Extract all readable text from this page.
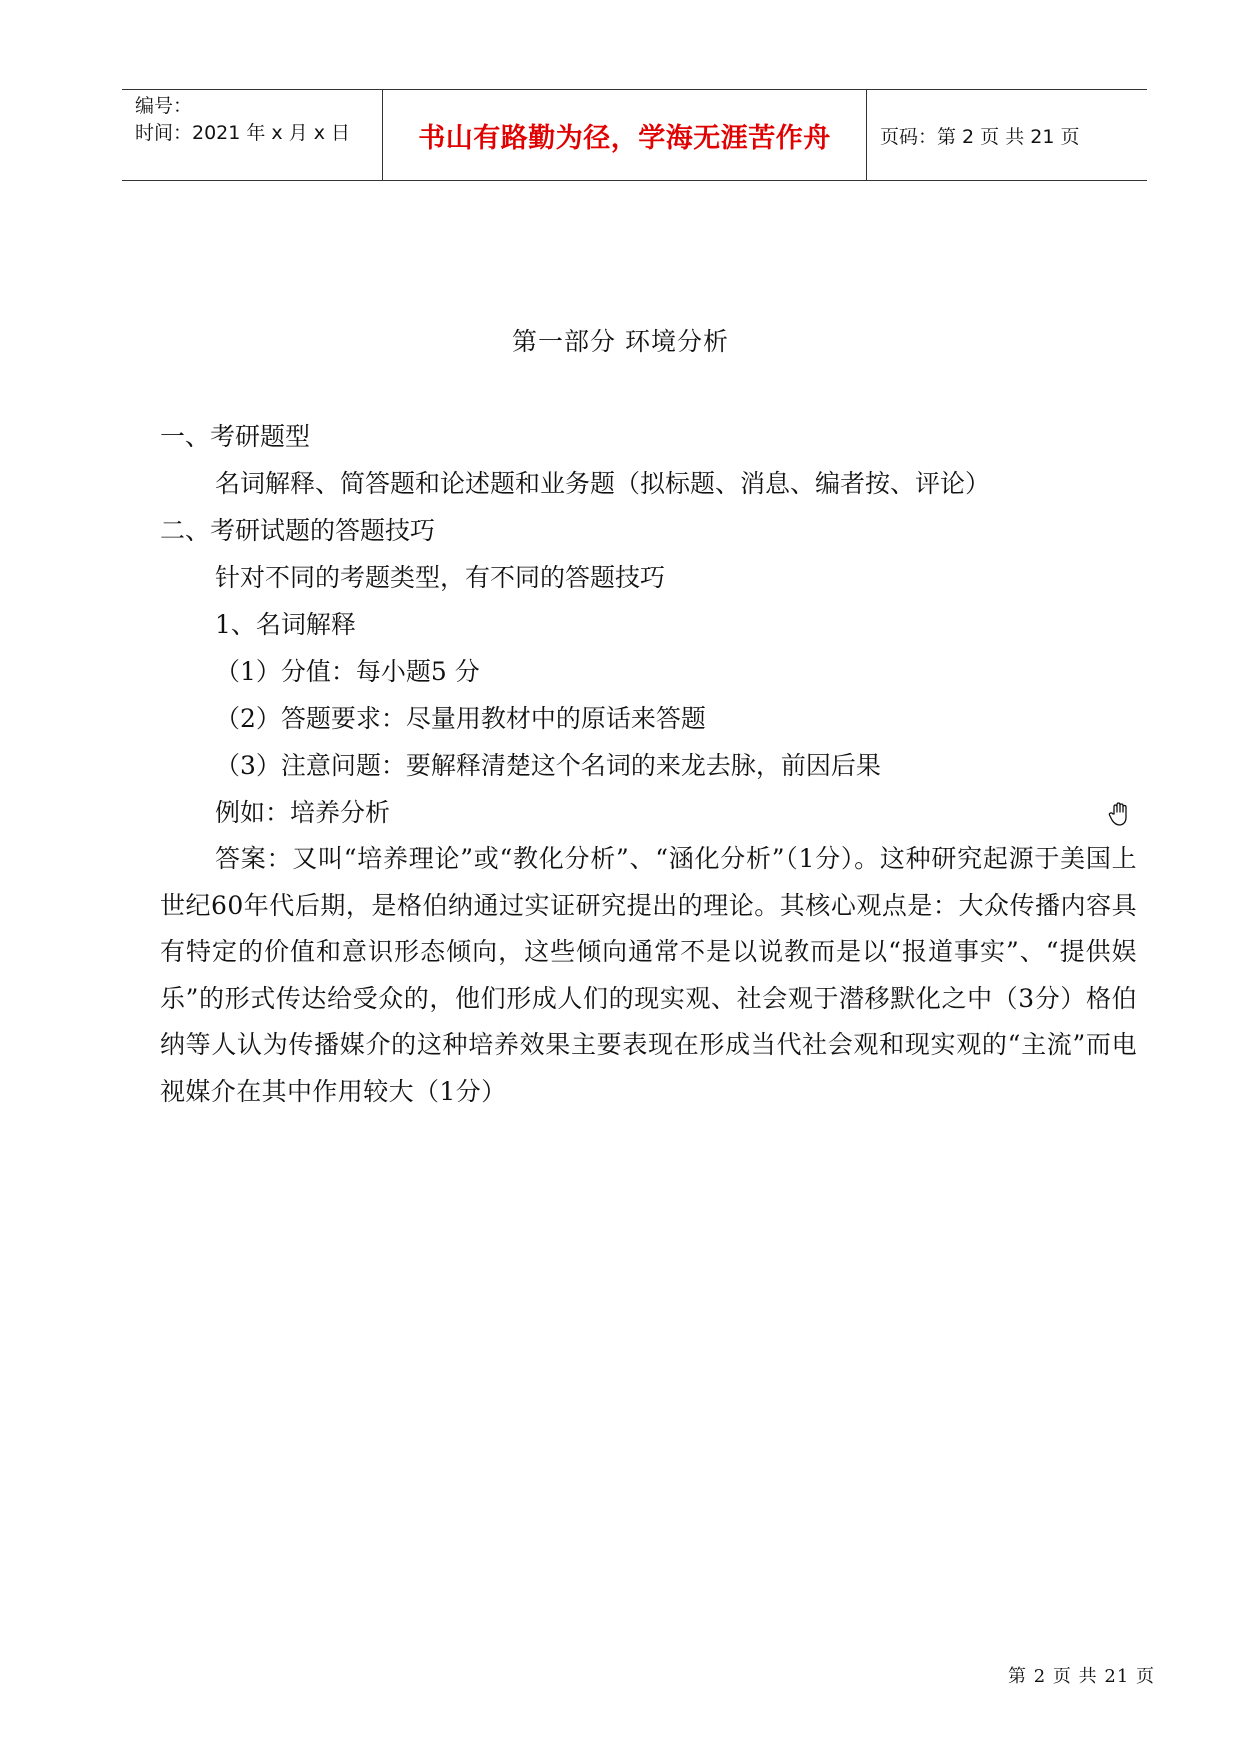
编号：
时间：2021 年 x 月 x 日	书山有路勤为径，学海无涯苦作舟	页码：第 2 页 共 21 页
第一部分 环境分析
一、考研题型
名词解释、简答题和论述题和业务题（拟标题、消息、编者按、评论）
二、考研试题的答题技巧
针对不同的考题类型，有不同的答题技巧
1、名词解释
（1）分值：每小题5 分
（2）答题要求：尽量用教材中的原话来答题
（3）注意问题：要解释清楚这个名词的来龙去脉，前因后果
例如：培养分析
答案：又叫“培养理论”或“教化分析”、“涵化分析”（1分）。这种研究起源于美国上世纪60年代后期，是格伯纳通过实证研究提出的理论。其核心观点是：大众传播内容具有特定的价值和意识形态倾向，这些倾向通常不是以说教而是以“报道事实”、“提供娱乐”的形式传达给受众的，他们形成人们的现实观、社会观于潜移默化之中（3分）格伯纳等人认为传播媒介的这种培养效果主要表现在形成当代社会观和现实观的“主流”而电视媒介在其中作用较大（1分）
第 2 页 共 21 页
